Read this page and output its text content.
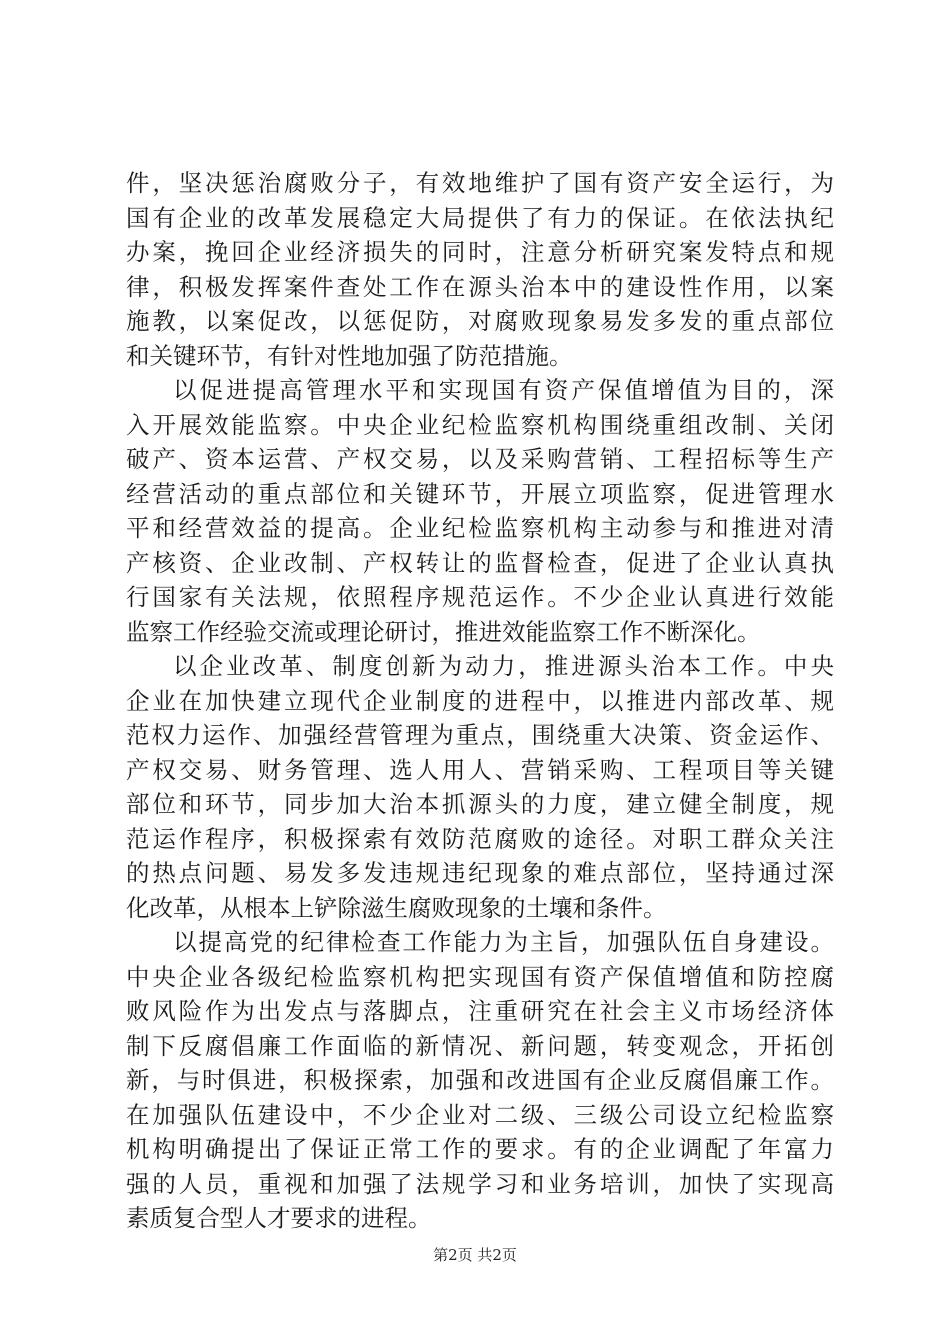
件，坚决惩治腐败分子，有效地维护了国有资产安全运行，为
国有企业的改革发展稳定大局提供了有力的保证。在依法执纪
办案，挽回企业经济损失的同时，注意分析研究案发特点和规
律，积极发挥案件查处工作在源头治本中的建设性作用，以案
施教，以案促改，以惩促防，对腐败现象易发多发的重点部位
和关键环节，有针对性地加强了防范措施。
以促进提高管理水平和实现国有资产保值增值为目的，深
入开展效能监察。中央企业纪检监察机构围绕重组改制、关闭
破产、资本运营、产权交易，以及采购营销、工程招标等生产
经营活动的重点部位和关键环节，开展立项监察，促进管理水
平和经营效益的提高。企业纪检监察机构主动参与和推进对清
产核资、企业改制、产权转让的监督检查，促进了企业认真执
行国家有关法规，依照程序规范运作。不少企业认真进行效能
监察工作经验交流或理论研讨，推进效能监察工作不断深化。
以企业改革、制度创新为动力，推进源头治本工作。中央
企业在加快建立现代企业制度的进程中，以推进内部改革、规
范权力运作、加强经营管理为重点，围绕重大决策、资金运作、
产权交易、财务管理、选人用人、营销采购、工程项目等关键
部位和环节，同步加大治本抓源头的力度，建立健全制度，规
范运作程序，积极探索有效防范腐败的途径。对职工群众关注
的热点问题、易发多发违规违纪现象的难点部位，坚持通过深
化改革，从根本上铲除滋生腐败现象的土壤和条件。
以提高党的纪律检查工作能力为主旨，加强队伍自身建设。
中央企业各级纪检监察机构把实现国有资产保值增值和防控腐
败风险作为出发点与落脚点，注重研究在社会主义市场经济体
制下反腐倡廉工作面临的新情况、新问题，转变观念，开拓创
新，与时俱进，积极探索，加强和改进国有企业反腐倡廉工作。
在加强队伍建设中，不少企业对二级、三级公司设立纪检监察
机构明确提出了保证正常工作的要求。有的企业调配了年富力
强的人员，重视和加强了法规学习和业务培训，加快了实现高
素质复合型人才要求的进程。
第2页 共2页
